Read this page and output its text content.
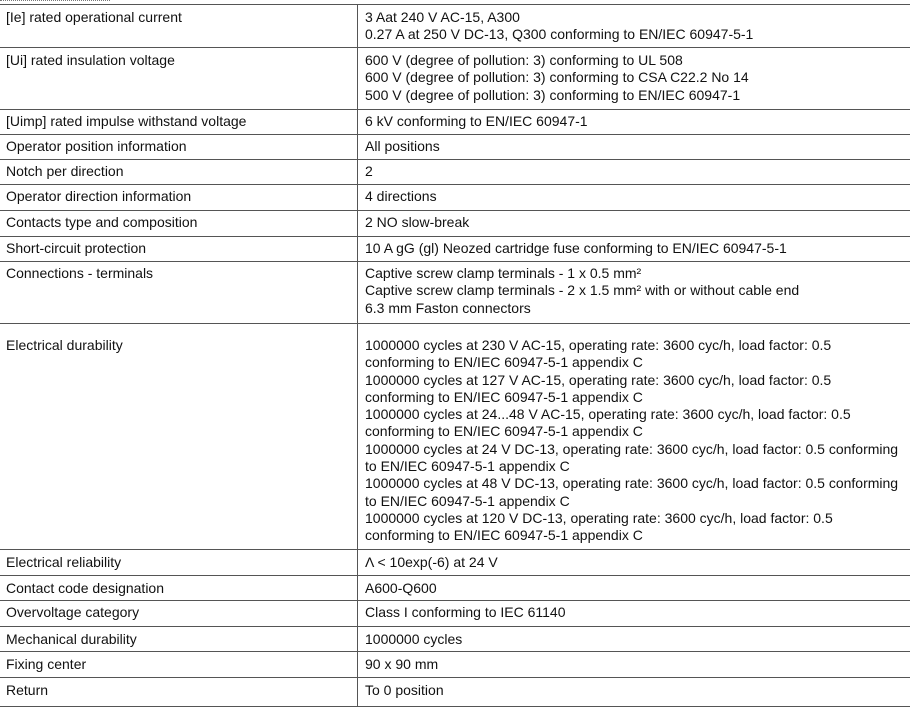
[Ie] rated operational current	3 Aat 240 V AC-15, A300
0.27 A at 250 V DC-13, Q300 conforming to EN/IEC 60947-5-1
[Ui] rated insulation voltage	600 V (degree of pollution: 3) conforming to UL 508
600 V (degree of pollution: 3) conforming to CSA C22.2 No 14
500 V (degree of pollution: 3) conforming to EN/IEC 60947-1
[Uimp] rated impulse withstand voltage	6 kV conforming to EN/IEC 60947-1
Operator position information	All positions
Notch per direction	2
Operator direction information	4 directions
Contacts type and composition	2 NO slow-break
Short-circuit protection	10 A gG (gl) Neozed cartridge fuse conforming to EN/IEC 60947-5-1
Connections - terminals	Captive screw clamp terminals - 1 x 0.5 mm²
Captive screw clamp terminals - 2 x 1.5 mm² with or without cable end
6.3 mm Faston connectors
Electrical durability	1000000 cycles at 230 V AC-15, operating rate: 3600 cyc/h, load factor: 0.5
conforming to EN/IEC 60947-5-1 appendix C
1000000 cycles at 127 V AC-15, operating rate: 3600 cyc/h, load factor: 0.5
conforming to EN/IEC 60947-5-1 appendix C
1000000 cycles at 24...48 V AC-15, operating rate: 3600 cyc/h, load factor: 0.5
conforming to EN/IEC 60947-5-1 appendix C
1000000 cycles at 24 V DC-13, operating rate: 3600 cyc/h, load factor: 0.5 conforming
to EN/IEC 60947-5-1 appendix C
1000000 cycles at 48 V DC-13, operating rate: 3600 cyc/h, load factor: 0.5 conforming
to EN/IEC 60947-5-1 appendix C
1000000 cycles at 120 V DC-13, operating rate: 3600 cyc/h, load factor: 0.5
conforming to EN/IEC 60947-5-1 appendix C
Electrical reliability	Λ < 10exp(-6) at 24 V
Contact code designation	A600-Q600
Overvoltage category	Class I conforming to IEC 61140
Mechanical durability	1000000 cycles
Fixing center	90 x 90 mm
Return	To 0 position
